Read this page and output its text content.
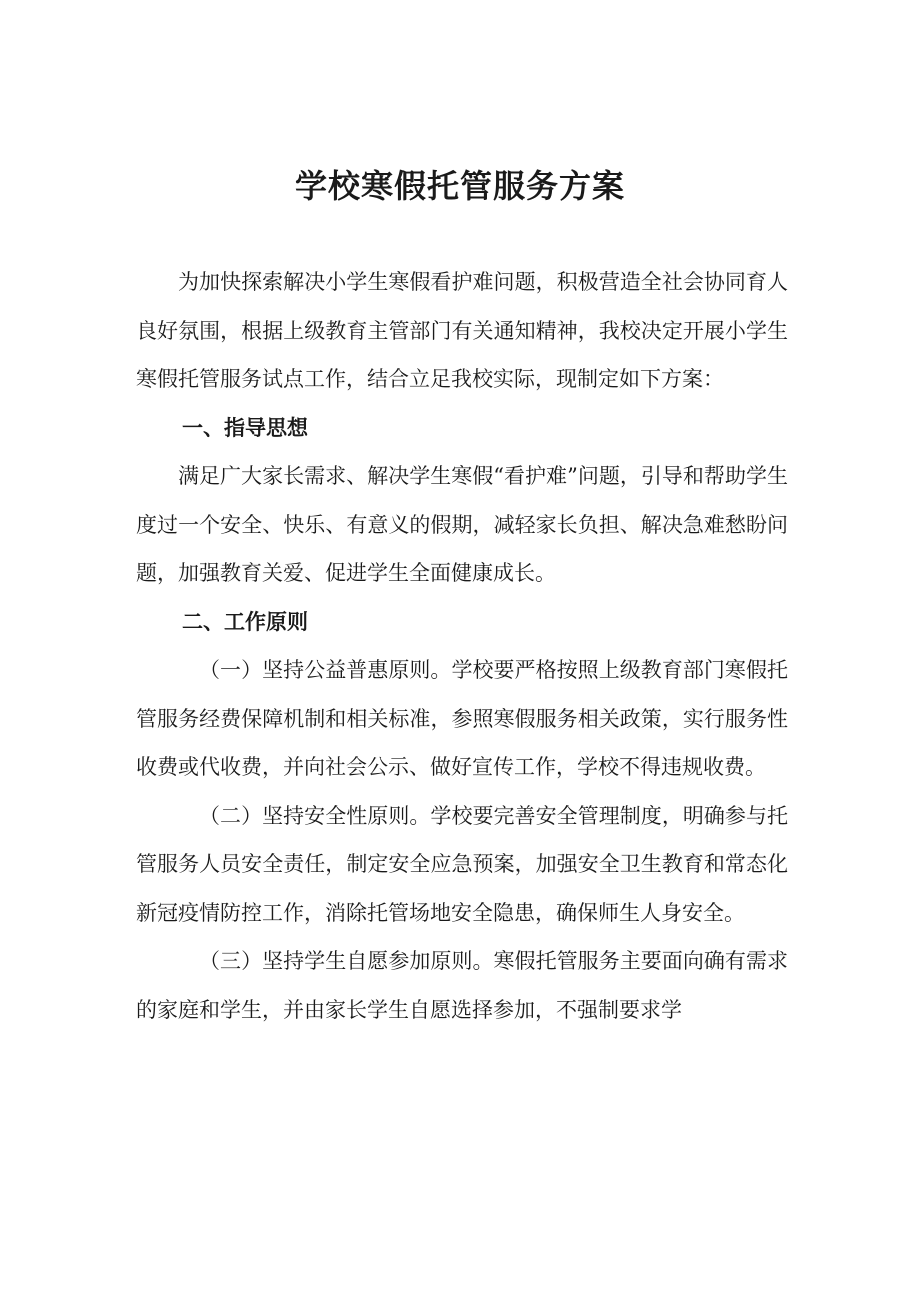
学校寒假托管服务方案

为加快探索解决小学生寒假看护难问题，积极营造全社会协同育人良好氛围，根据上级教育主管部门有关通知精神，我校决定开展小学生寒假托管服务试点工作，结合立足我校实际，现制定如下方案：

一、指导思想

满足广大家长需求、解决学生寒假“看护难”问题，引导和帮助学生度过一个安全、快乐、有意义的假期，减轻家长负担、解决急难愁盼问题，加强教育关爱、促进学生全面健康成长。

二、工作原则

（一）坚持公益普惠原则。学校要严格按照上级教育部门寒假托管服务经费保障机制和相关标准，参照寒假服务相关政策，实行服务性收费或代收费，并向社会公示、做好宣传工作，学校不得违规收费。

（二）坚持安全性原则。学校要完善安全管理制度，明确参与托管服务人员安全责任，制定安全应急预案，加强安全卫生教育和常态化新冠疫情防控工作，消除托管场地安全隐患，确保师生人身安全。

（三）坚持学生自愿参加原则。寒假托管服务主要面向确有需求的家庭和学生，并由家长学生自愿选择参加，不强制要求学
